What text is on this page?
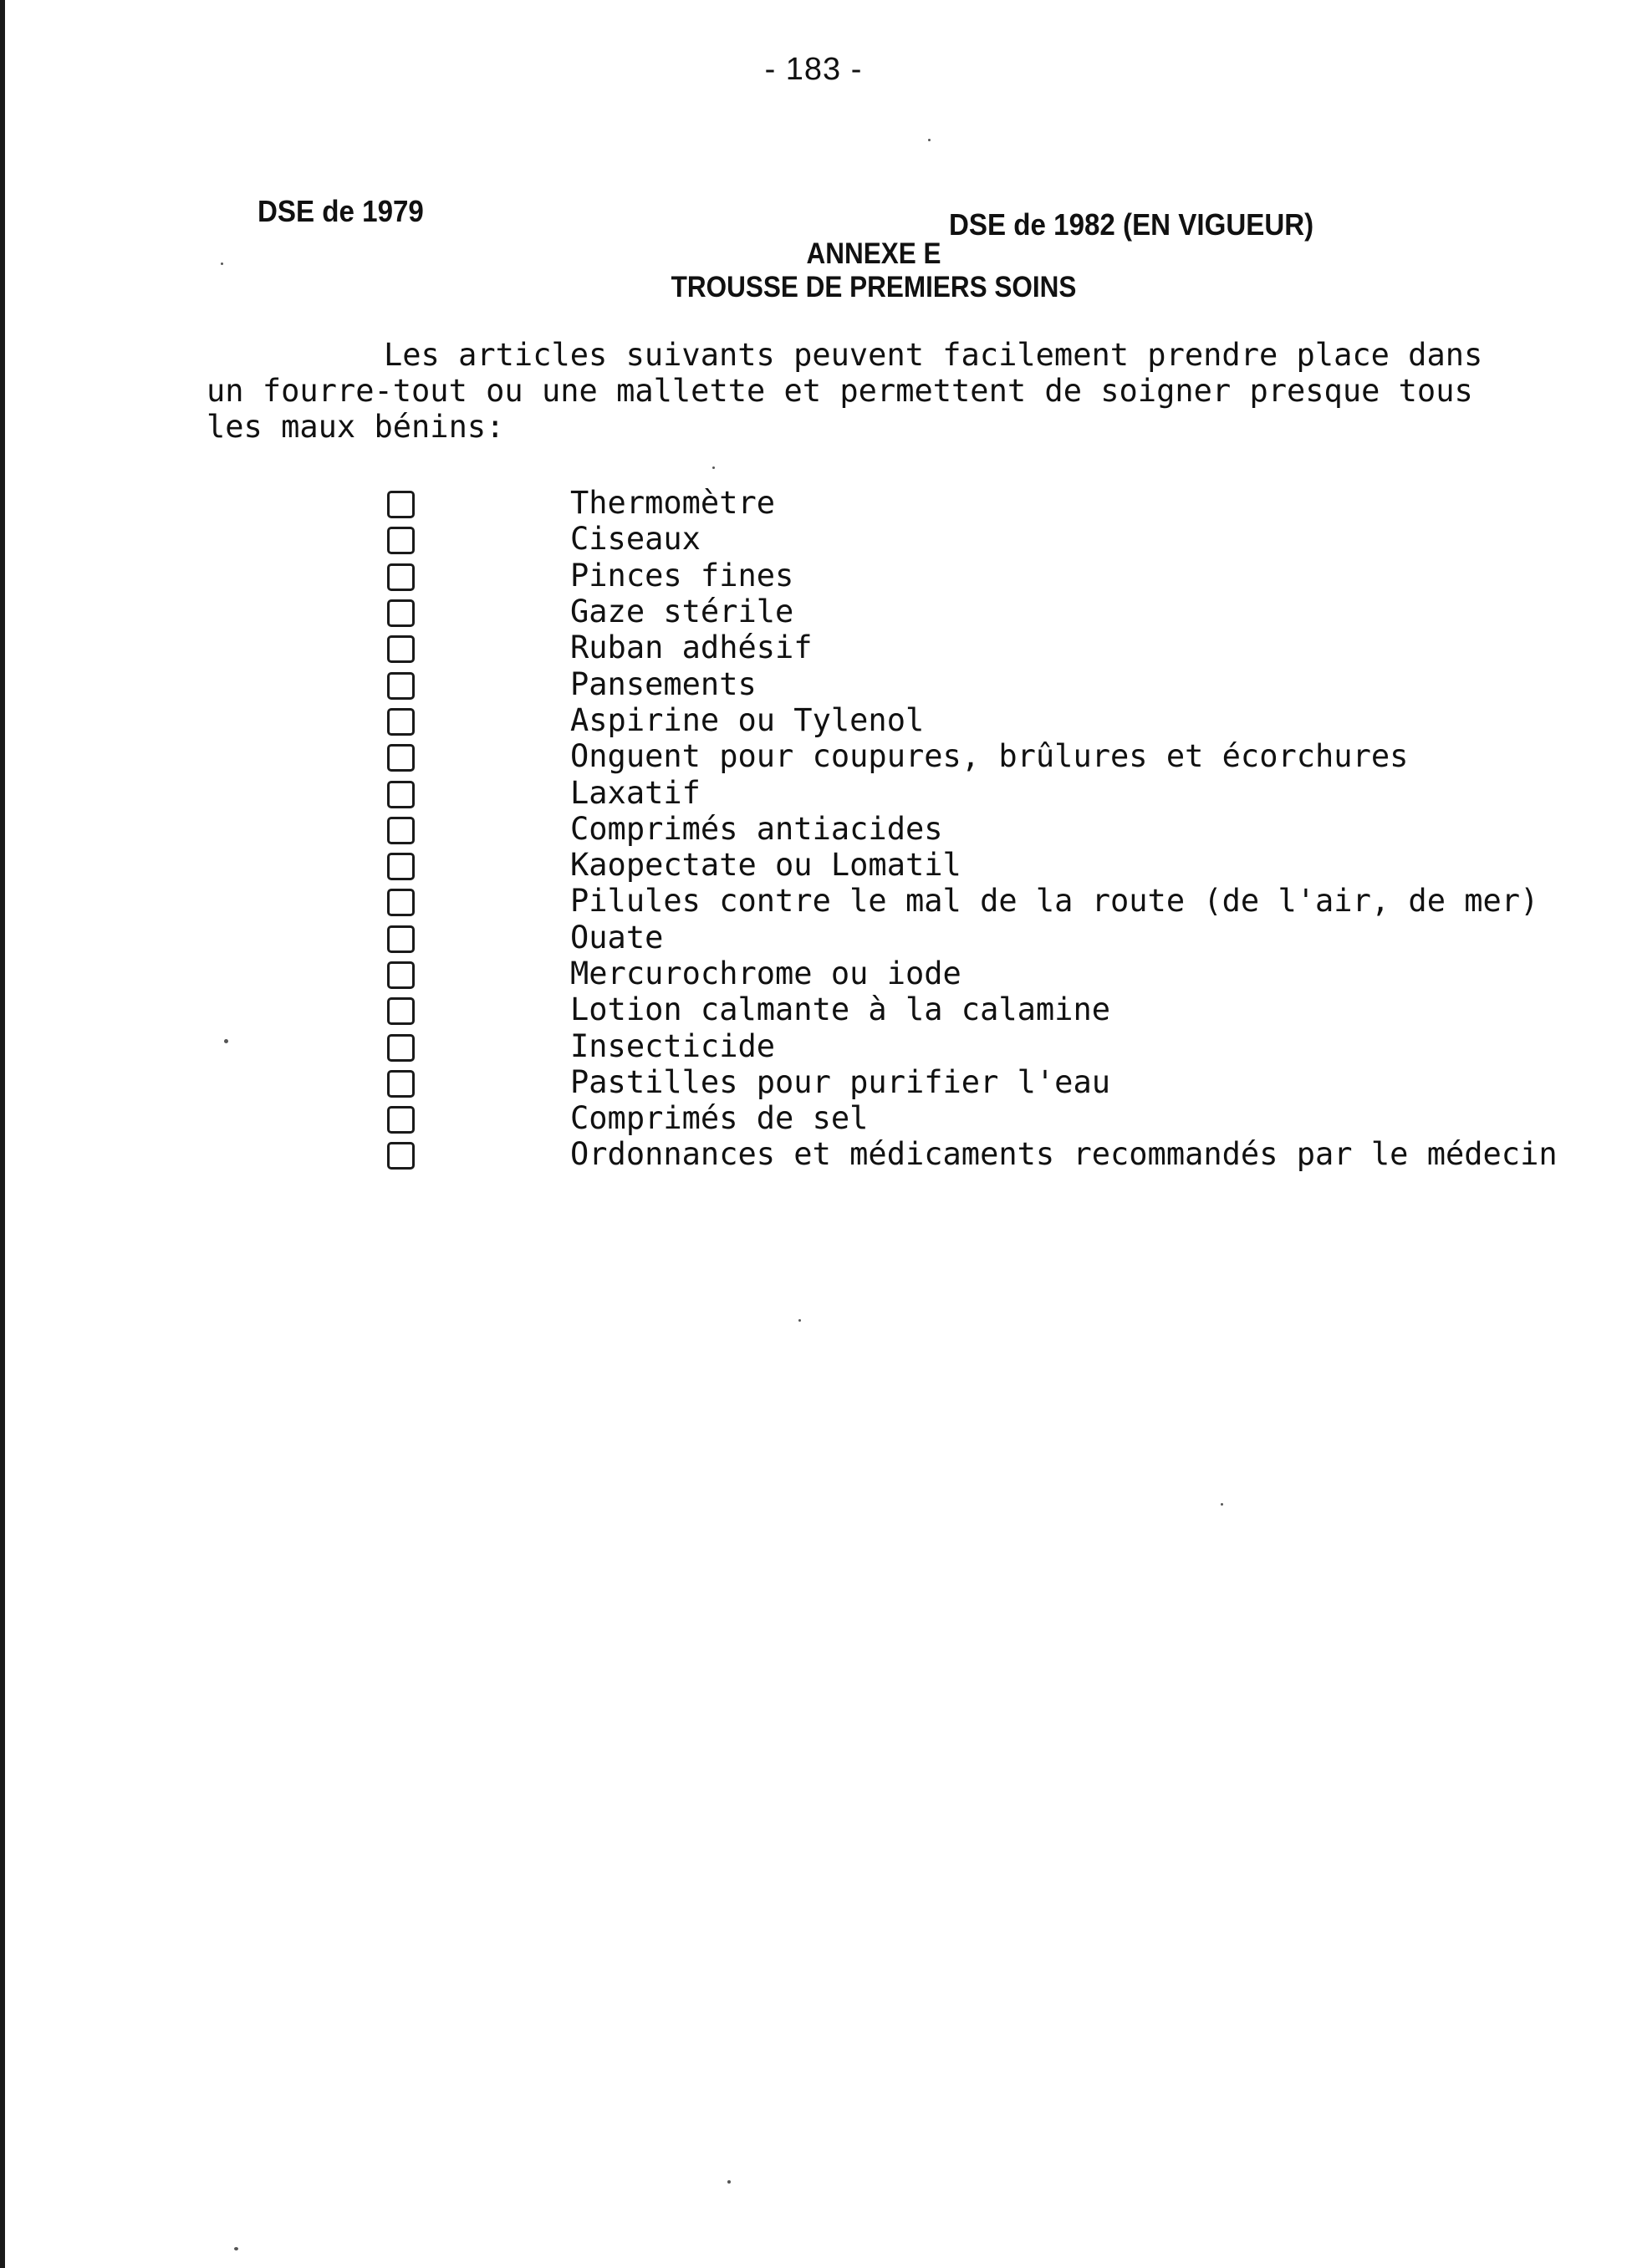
- 183 -
DSE de 1979	DSE de 1982 (EN VIGUEUR)
ANNEXE E
TROUSSE DE PREMIERS SOINS

Les articles suivants peuvent facilement prendre place dans un fourre-tout ou une mallette et permettent de soigner presque tous les maux bénins:

Thermomètre
Ciseaux
Pinces fines
Gaze stérile
Ruban adhésif
Pansements
Aspirine ou Tylenol
Onguent pour coupures, brûlures et écorchures
Laxatif
Comprimés antiacides
Kaopectate ou Lomatil
Pilules contre le mal de la route (de l'air, de mer)
Ouate
Mercurochrome ou iode
Lotion calmante à la calamine
Insecticide
Pastilles pour purifier l'eau
Comprimés de sel
Ordonnances et médicaments recommandés par le médecin
